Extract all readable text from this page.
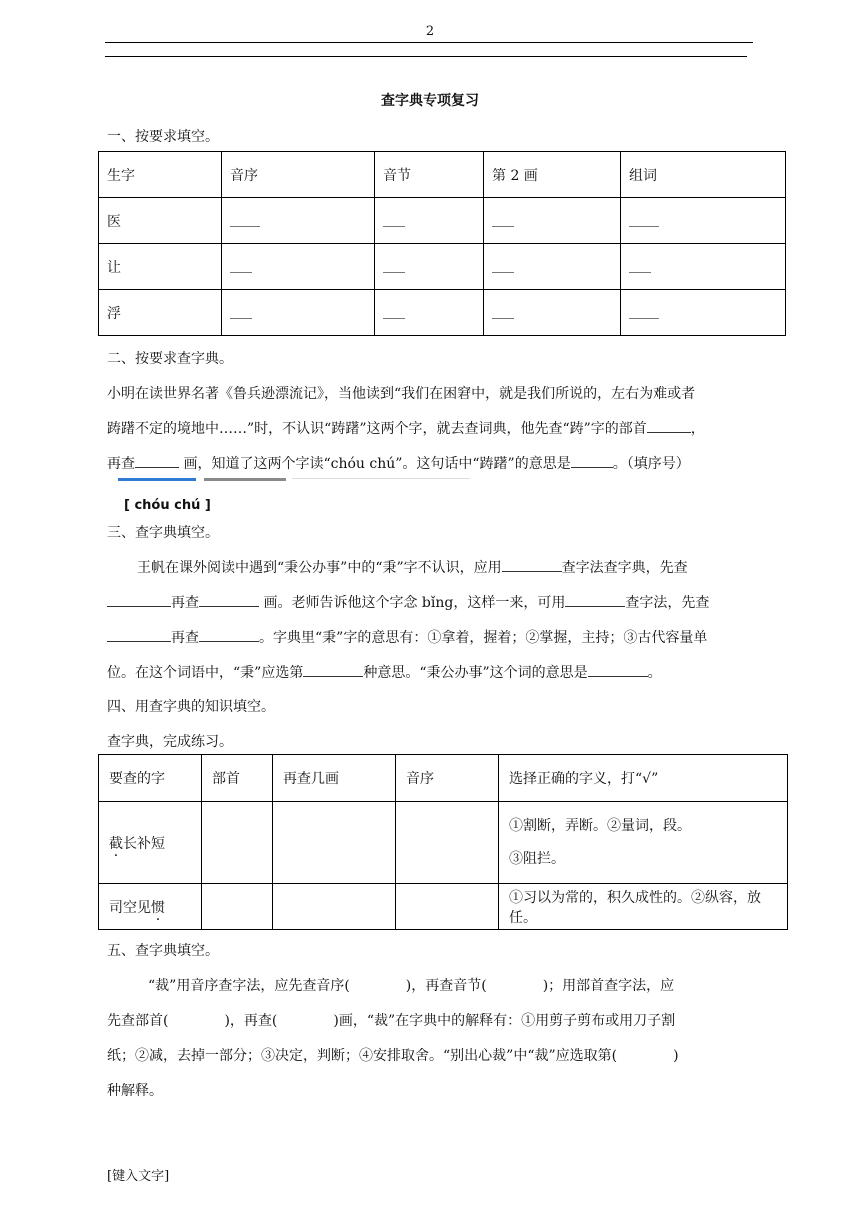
2
查字典专项复习
一、按要求填空。
生字	音序	音节	第 2 画	组词
医				
让				
浮				
二、按要求查字典。
小明在读世界名著《鲁兵逊漂流记》，当他读到“我们在困窘中，就是我们所说的，左右为难或者
踌躇不定的境地中……”时，不认识“踌躇”这两个字，就去查词典，他先查“踌”字的部首	，
再查	画，知道了这两个字读“chóu chú”。这句话中“踌躇”的意思是	。（填序号）
[ chóu chú ]
三、查字典填空。
王帆在课外阅读中遇到“秉公办事”中的“秉”字不认识，应用	查字法查字典，先查
再查	画。老师告诉他这个字念 bǐng，这样一来，可用	查字法，先查
再查	。字典里“秉”字的意思有：①拿着，握着；②掌握，主持；③古代容量单
位。在这个词语中，“秉”应选第	种意思。“秉公办事”这个词的意思是	。
四、用查字典的知识填空。
查字典，完成练习。
要查的字	部首	再查几画	音序	选择正确的字义，打“√”
截长补短				①割断，弄断。②量词，段。
③阻拦。

司空见惯				①习以为常的，积久成性的。②纵容，放任。
五、查字典填空。
“裁”用音序查字法，应先查音序(	)，再查音节(	)；用部首查字法，应
先查部首(	)，再查(	)画，“裁”在字典中的解释有：①用剪子剪布或用刀子割
纸；②减，去掉一部分；③决定，判断；④安排取舍。“别出心裁”中“裁”应选取第(	)
种解释。
[键入文字]
